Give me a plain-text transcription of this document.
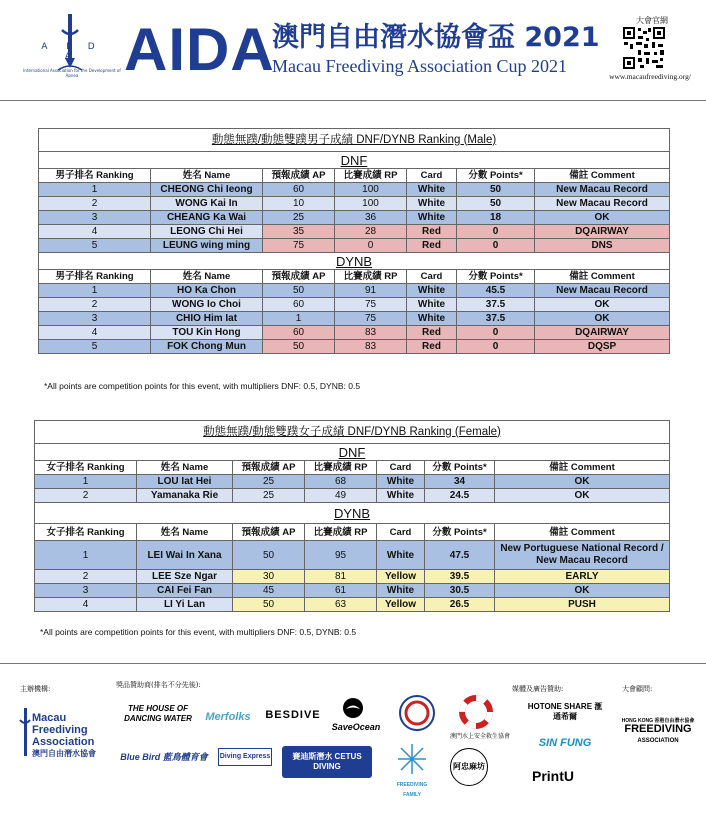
A I D A
International Association for the Development of Apnea AIDA
澳門自由潛水協會盃 2021
Macau Freediving Association Cup 2021
大會官網
www.macaufreediving.org/
動態無蹼/動態雙蹼男子成績 DNF/DYNB Ranking (Male)						
DNF						
男子排名 Ranking	姓名 Name	預報成績 AP	比賽成績 RP	Card	分數 Points*	備註 Comment
1	CHEONG Chi Ieong	60	100	White	50	New Macau Record
2	WONG Kai In	10	100	White	50	New Macau Record
3	CHEANG Ka Wai	25	36	White	18	OK
4	LEONG Chi Hei	35	28	Red	0	DQAIRWAY
5	LEUNG wing ming	75	0	Red	0	DNS
DYNB						
男子排名 Ranking	姓名 Name	預報成績 AP	比賽成績 RP	Card	分數 Points*	備註 Comment
1	HO Ka Chon	50	91	White	45.5	New Macau Record
2	WONG Io Choi	60	75	White	37.5	OK
3	CHIO Him Iat	1	75	White	37.5	OK
4	TOU Kin Hong	60	83	Red	0	DQAIRWAY
5	FOK Chong Mun	50	83	Red	0	DQSP
*All points are competition points for this event, with multipliers DNF: 0.5, DYNB: 0.5
動態無蹼/動態雙蹼女子成績 DNF/DYNB Ranking (Female)						
DNF						
女子排名 Ranking	姓名 Name	預報成績 AP	比賽成績 RP	Card	分數 Points*	備註 Comment
1	LOU Iat Hei	25	68	White	34	OK
2	Yamanaka Rie	25	49	White	24.5	OK
DYNB						
女子排名 Ranking	姓名 Name	預報成績 AP	比賽成績 RP	Card	分數 Points*	備註 Comment
1	LEI Wai In Xana	50	95	White	47.5	New Portuguese National Record /
New Macau Record

2	LEE Sze Ngar	30	81	Yellow	39.5	EARLY
3	CAI Fei Fan	45	61	White	30.5	OK
4	LI Yi Lan	50	63	Yellow	26.5	PUSH
*All points are competition points for this event, with multipliers DNF: 0.5, DYNB: 0.5
主辦機構:	獎品贊助商(排名不分先後):	媒體及廣告贊助:	大會顧問:
Macau
Freediving
Association
澳門自由潛水協會
THE HOUSE OF DANCING WATER	Merfolks	BESDIVE
SaveOcean
澳門水上安全救生協會
Blue Bird 藍鳥體育會 Diving Express	賽迪斯潛水 CETUS DIVING
FREEDIVING FAMILY
阿忠麻坊
HOTONE SHARE 滙通希爾
SIN FUNG
PrintU
HONG KONG 香港自由潛水協會
FREEDIVING
ASSOCIATION
